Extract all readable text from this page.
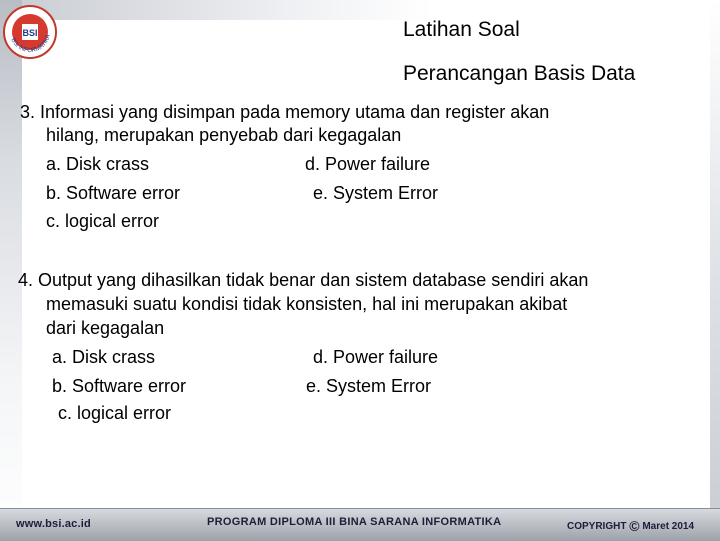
BSI
BSI INFORMATIKA	Latihan Soal
Perancangan Basis Data
3. Informasi yang disimpan pada memory utama dan register akan
hilang, merupakan penyebab dari kegagalan
a. Disk crass	d. Power failure
b. Software error	e. System Error
c. logical error
4. Output yang dihasilkan tidak benar dan sistem database sendiri akan
memasuki suatu kondisi tidak konsisten, hal ini merupakan akibat
dari kegagalan
a. Disk crass	d. Power failure
b. Software error	e. System Error
c. logical error
www.bsi.ac.id	PROGRAM DIPLOMA III BINA SARANA INFORMATIKA	COPYRIGHT © Maret 2014
